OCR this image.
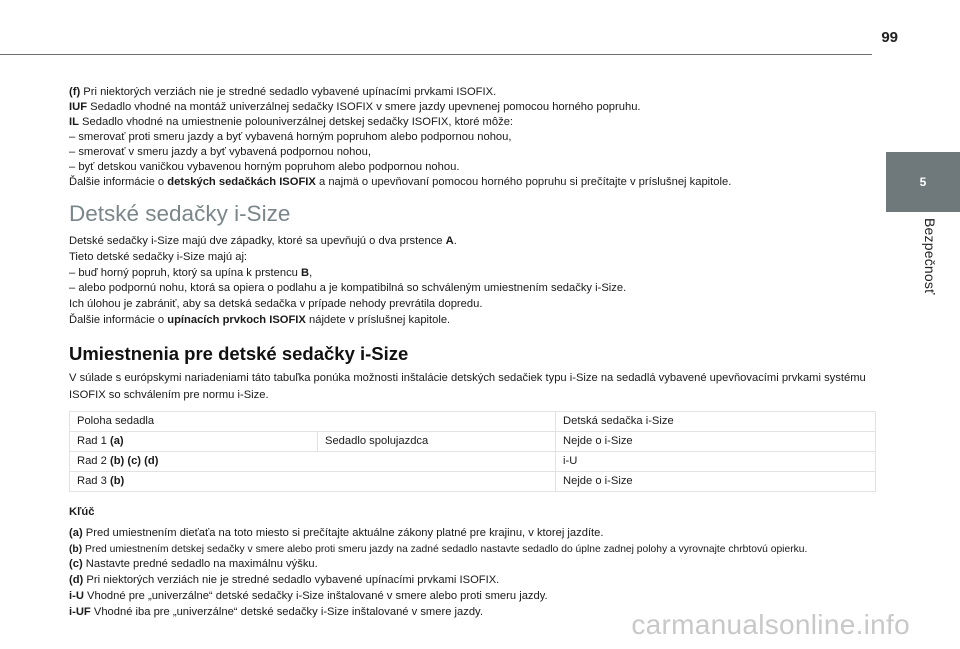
99
5
Bezpečnosť

(f) Pri niektorých verziách nie je stredné sedadlo vybavené upínacími prvkami ISOFIX.

IUF Sedadlo vhodné na montáž univerzálnej sedačky ISOFIX v smere jazdy upevnenej pomocou horného popruhu.

IL Sedadlo vhodné na umiestnenie polouniverzálnej detskej sedačky ISOFIX, ktoré môže:

– smerovať proti smeru jazdy a byť vybavená horným popruhom alebo podpornou nohou,

– smerovať v smeru jazdy a byť vybavená podpornou nohou,

– byť detskou vaničkou vybavenou horným popruhom alebo podpornou nohou.

Ďalšie informácie o detských sedačkách ISOFIX a najmä o upevňovaní pomocou horného popruhu si prečítajte v príslušnej kapitole.

Detské sedačky i-Size

Detské sedačky i-Size majú dve západky, ktoré sa upevňujú o dva prstence A.

Tieto detské sedačky i-Size majú aj:

– buď horný popruh, ktorý sa upína k prstencu B,

– alebo podpornú nohu, ktorá sa opiera o podlahu a je kompatibilná so schváleným umiestnením sedačky i-Size.

Ich úlohou je zabrániť, aby sa detská sedačka v prípade nehody prevrátila dopredu.

Ďalšie informácie o upínacích prvkoch ISOFIX nájdete v príslušnej kapitole.

Umiestnenia pre detské sedačky i-Size

V súlade s európskymi nariadeniami táto tabuľka ponúka možnosti inštalácie detských sedačiek typu i-Size na sedadlá vybavené upevňovacími prvkami systému ISOFIX so schválením pre normu i-Size.

Poloha sedadla		Detská sedačka i-Size
Rad 1 (a)	Sedadlo spolujazdca	Nejde o i-Size
Rad 2 (b) (c) (d)		i-U
Rad 3 (b)		Nejde o i-Size
Kľúč

(a) Pred umiestnením dieťaťa na toto miesto si prečítajte aktuálne zákony platné pre krajinu, v ktorej jazdíte.

(b) Pred umiestnením detskej sedačky v smere alebo proti smeru jazdy na zadné sedadlo nastavte sedadlo do úplne zadnej polohy a vyrovnajte chrbtovú opierku.

(c) Nastavte predné sedadlo na maximálnu výšku.

(d) Pri niektorých verziách nie je stredné sedadlo vybavené upínacími prvkami ISOFIX.

i-U Vhodné pre „univerzálne“ detské sedačky i-Size inštalované v smere alebo proti smeru jazdy.

i-UF Vhodné iba pre „univerzálne“ detské sedačky i-Size inštalované v smere jazdy.	carmanualsonline.info
